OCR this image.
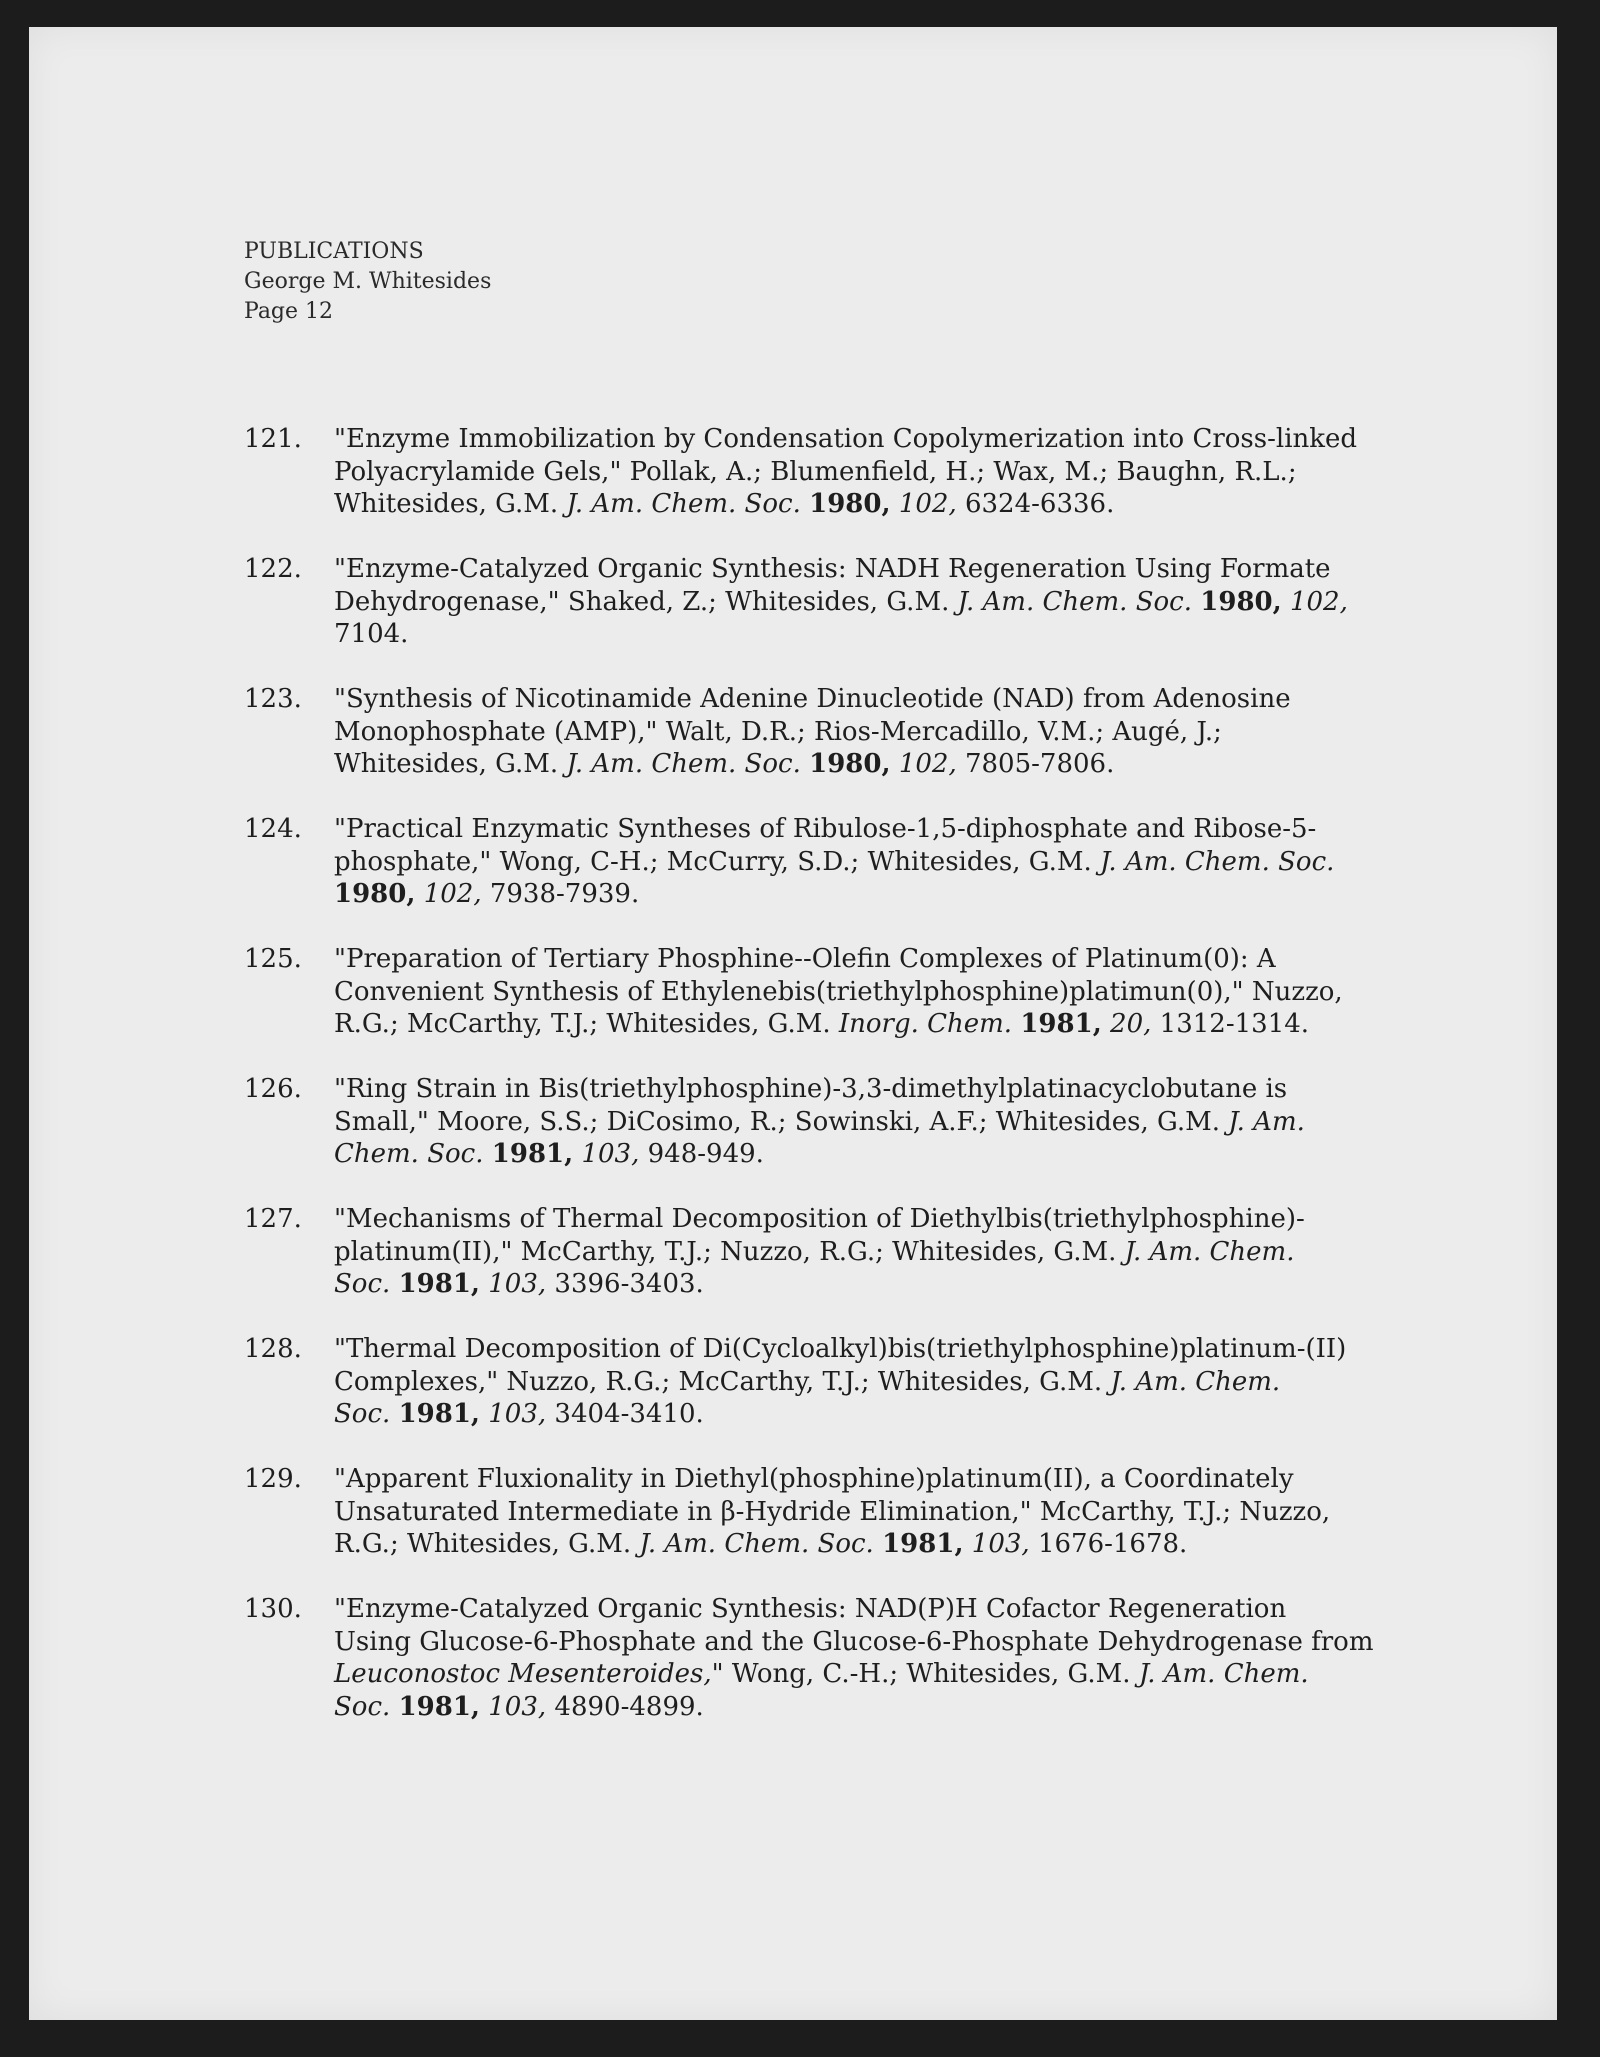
PUBLICATIONS
George M. Whitesides
Page 12
121.	"Enzyme Immobilization by Condensation Copolymerization into Cross-linked
Polyacrylamide Gels," Pollak, A.; Blumenfield, H.; Wax, M.; Baughn, R.L.;
Whitesides, G.M. J. Am. Chem. Soc. 1980, 102, 6324-6336.
122.	"Enzyme-Catalyzed Organic Synthesis: NADH Regeneration Using Formate
Dehydrogenase," Shaked, Z.; Whitesides, G.M. J. Am. Chem. Soc. 1980, 102,
7104.
123.	"Synthesis of Nicotinamide Adenine Dinucleotide (NAD) from Adenosine
Monophosphate (AMP)," Walt, D.R.; Rios-Mercadillo, V.M.; Augé, J.;
Whitesides, G.M. J. Am. Chem. Soc. 1980, 102, 7805-7806.
124.	"Practical Enzymatic Syntheses of Ribulose-1,5-diphosphate and Ribose-5-
phosphate," Wong, C-H.; McCurry, S.D.; Whitesides, G.M. J. Am. Chem. Soc.
1980, 102, 7938-7939.
125.	"Preparation of Tertiary Phosphine--Olefin Complexes of Platinum(0): A
Convenient Synthesis of Ethylenebis(triethylphosphine)platimun(0)," Nuzzo,
R.G.; McCarthy, T.J.; Whitesides, G.M. Inorg. Chem. 1981, 20, 1312-1314.
126.	"Ring Strain in Bis(triethylphosphine)-3,3-dimethylplatinacyclobutane is
Small," Moore, S.S.; DiCosimo, R.; Sowinski, A.F.; Whitesides, G.M. J. Am.
Chem. Soc. 1981, 103, 948-949.
127.	"Mechanisms of Thermal Decomposition of Diethylbis(triethylphosphine)-
platinum(II)," McCarthy, T.J.; Nuzzo, R.G.; Whitesides, G.M. J. Am. Chem.
Soc. 1981, 103, 3396-3403.
128.	"Thermal Decomposition of Di(Cycloalkyl)bis(triethylphosphine)platinum-(II)
Complexes," Nuzzo, R.G.; McCarthy, T.J.; Whitesides, G.M. J. Am. Chem.
Soc. 1981, 103, 3404-3410.
129.	"Apparent Fluxionality in Diethyl(phosphine)platinum(II), a Coordinately
Unsaturated Intermediate in β-Hydride Elimination," McCarthy, T.J.; Nuzzo,
R.G.; Whitesides, G.M. J. Am. Chem. Soc. 1981, 103, 1676-1678.
130.	"Enzyme-Catalyzed Organic Synthesis: NAD(P)H Cofactor Regeneration
Using Glucose-6-Phosphate and the Glucose-6-Phosphate Dehydrogenase from
Leuconostoc Mesenteroides," Wong, C.-H.; Whitesides, G.M. J. Am. Chem.
Soc. 1981, 103, 4890-4899.
